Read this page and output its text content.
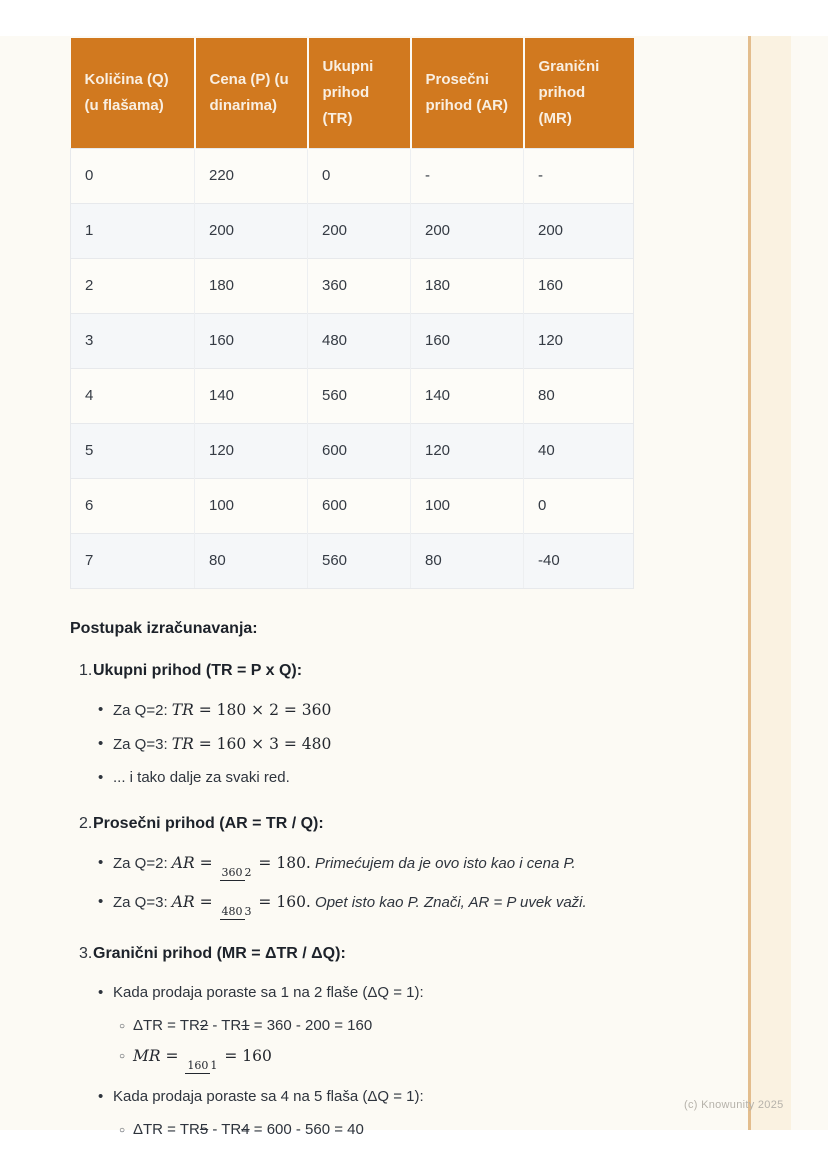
Količina (Q) (u flašama)	Cena (P) (u dinarima)	Ukupni prihod (TR)	Prosečni prihod (AR)	Granični prihod (MR)
0	220	0	-	-
1	200	200	200	200
2	180	360	180	160
3	160	480	160	120
4	140	560	140	80
5	120	600	120	40
6	100	600	100	0
7	80	560	80	-40
Postupak izračunavanja:
1. Ukupni prihod (TR = P x Q):
• Za Q=2: TR = 180 × 2 = 360
• Za Q=3: TR = 160 × 3 = 480
• ... i tako dalje za svaki red.
2. Prosečni prihod (AR = TR / Q):
• Za Q=2: AR = 360 2 = 180. Primećujem da je ovo isto kao i cena P.
• Za Q=3: AR = 480 3 = 160. Opet isto kao P. Znači, AR = P uvek važi.
3. Granični prihod (MR = ΔTR / ΔQ):
• Kada prodaja poraste sa 1 na 2 flaše (ΔQ = 1):
○ ΔTR = TR2 - TR1 = 360 - 200 = 160
○ MR = 160 1 = 160
• Kada prodaja poraste sa 4 na 5 flaša (ΔQ = 1):
○ ΔTR = TR5 - TR4 = 600 - 560 = 40
(c) Knowunity 2025
